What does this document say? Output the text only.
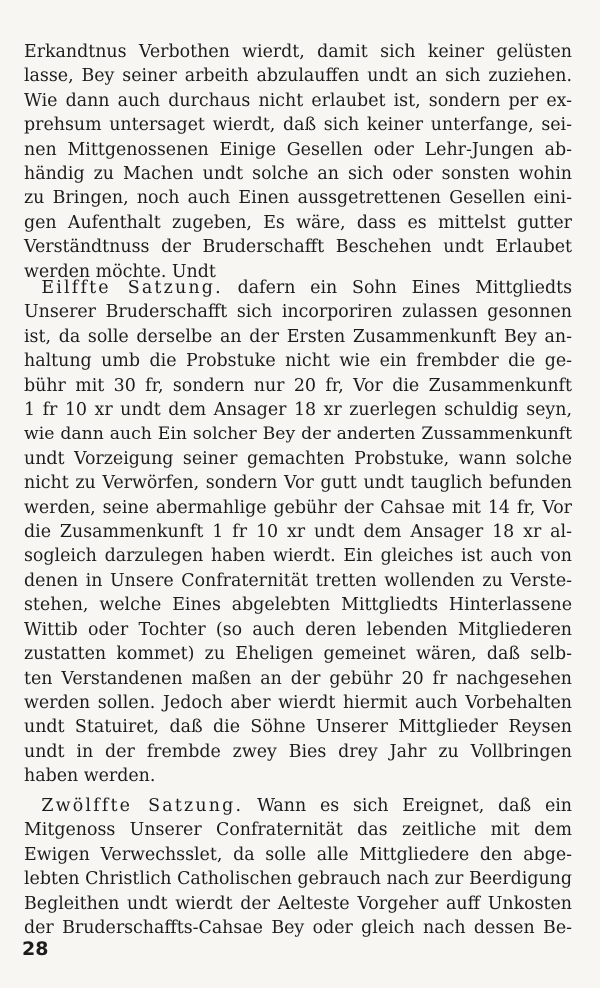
Erkandtnus Verbothen wierdt, damit sich keiner gelüsten
lasse, Bey seiner arbeith abzulauffen undt an sich zuziehen.
Wie dann auch durchaus nicht erlaubet ist, sondern per ex-
prehsum untersaget wierdt, daß sich keiner unterfange, sei-
nen Mittgenossenen Einige Gesellen oder Lehr-Jungen ab-
händig zu Machen undt solche an sich oder sonsten wohin
zu Bringen, noch auch Einen aussgetrettenen Gesellen eini-
gen Aufenthalt zugeben, Es wäre, dass es mittelst gutter
Verständtnuss der Bruderschafft Beschehen undt Erlaubet
werden möchte. Undt

 Eilffte Satzung. dafern ein Sohn Eines Mittgliedts
Unserer Bruderschafft sich incorporiren zulassen gesonnen
ist, da solle derselbe an der Ersten Zusammenkunft Bey an-
haltung umb die Probstuke nicht wie ein frembder die ge-
bühr mit 30 fr, sondern nur 20 fr, Vor die Zusammenkunft
1 fr 10 xr undt dem Ansager 18 xr zuerlegen schuldig seyn,
wie dann auch Ein solcher Bey der anderten Zussammenkunft
undt Vorzeigung seiner gemachten Probstuke, wann solche
nicht zu Verwörfen, sondern Vor gutt undt tauglich befunden
werden, seine abermahlige gebühr der Cahsae mit 14 fr, Vor
die Zusammenkunft 1 fr 10 xr undt dem Ansager 18 xr al-
sogleich darzulegen haben wierdt. Ein gleiches ist auch von
denen in Unsere Confraternität tretten wollenden zu Verste-
stehen, welche Eines abgelebten Mittgliedts Hinterlassene
Wittib oder Tochter (so auch deren lebenden Mitgliederen
zustatten kommet) zu Eheligen gemeinet wären, daß selb-
ten Verstandenen maßen an der gebühr 20 fr nachgesehen
werden sollen. Jedoch aber wierdt hiermit auch Vorbehalten
undt Statuiret, daß die Söhne Unserer Mittglieder Reysen
undt in der frembde zwey Bies drey Jahr zu Vollbringen
haben werden.

 Zwölffte Satzung. Wann es sich Ereignet, daß ein
Mitgenoss Unserer Confraternität das zeitliche mit dem
Ewigen Verwechsslet, da solle alle Mittgliedere den abge-
lebten Christlich Catholischen gebrauch nach zur Beerdigung
Begleithen undt wierdt der Aelteste Vorgeher auff Unkosten
der Bruderschaffts-Cahsae Bey oder gleich nach dessen Be-

28
